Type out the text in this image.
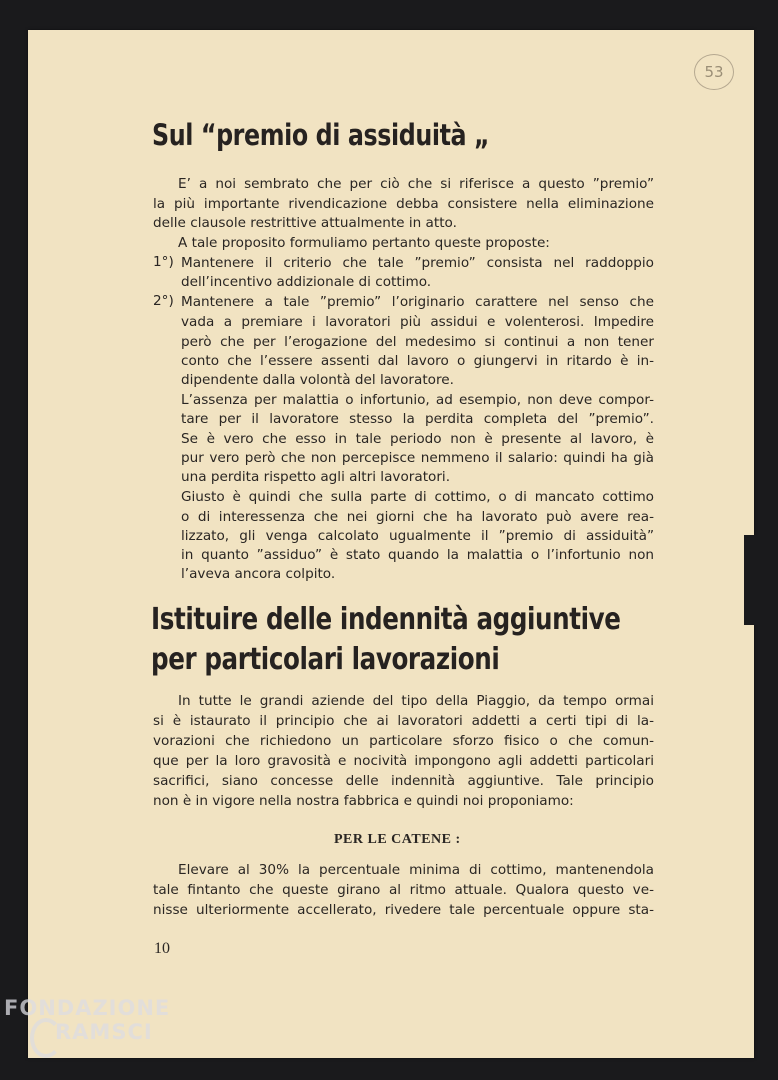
53
Sul “premio di assiduità „
E’ a noi sembrato che per ciò che si riferisce a questo ”premio”
la più importante rivendicazione debba consistere nella eliminazione
delle clausole restrittive attualmente in atto.
A tale proposito formuliamo pertanto queste proposte:
1°) Mantenere il criterio che tale ”premio” consista nel raddoppio
dell’incentivo addizionale di cottimo.
2°) Mantenere a tale ”premio” l’originario carattere nel senso che
vada a premiare i lavoratori più assidui e volenterosi. Impedire
però che per l’erogazione del medesimo si continui a non tener
conto che l’essere assenti dal lavoro o giungervi in ritardo è in-
dipendente dalla volontà del lavoratore.
L’assenza per malattia o infortunio, ad esempio, non deve compor-
tare per il lavoratore stesso la perdita completa del ”premio”.
Se è vero che esso in tale periodo non è presente al lavoro, è
pur vero però che non percepisce nemmeno il salario: quindi ha già
una perdita rispetto agli altri lavoratori.
Giusto è quindi che sulla parte di cottimo, o di mancato cottimo
o di interessenza che nei giorni che ha lavorato può avere rea-
lizzato, gli venga calcolato ugualmente il ”premio di assiduità”
in quanto ”assiduo” è stato quando la malattia o l’infortunio non
l’aveva ancora colpito.
Istituire delle indennità aggiuntive
per particolari lavorazioni
In tutte le grandi aziende del tipo della Piaggio, da tempo ormai
si è istaurato il principio che ai lavoratori addetti a certi tipi di la-
vorazioni che richiedono un particolare sforzo fisico o che comun-
que per la loro gravosità e nocività impongono agli addetti particolari
sacrifici, siano concesse delle indennità aggiuntive. Tale principio
non è in vigore nella nostra fabbrica e quindi noi proponiamo:
PER LE CATENE :
Elevare al 30% la percentuale minima di cottimo, mantenendola
tale fintanto che queste girano al ritmo attuale. Qualora questo ve-
nisse ulteriormente accellerato, rivedere tale percentuale oppure sta-
10
FONDAZIONE
RAMSCI
